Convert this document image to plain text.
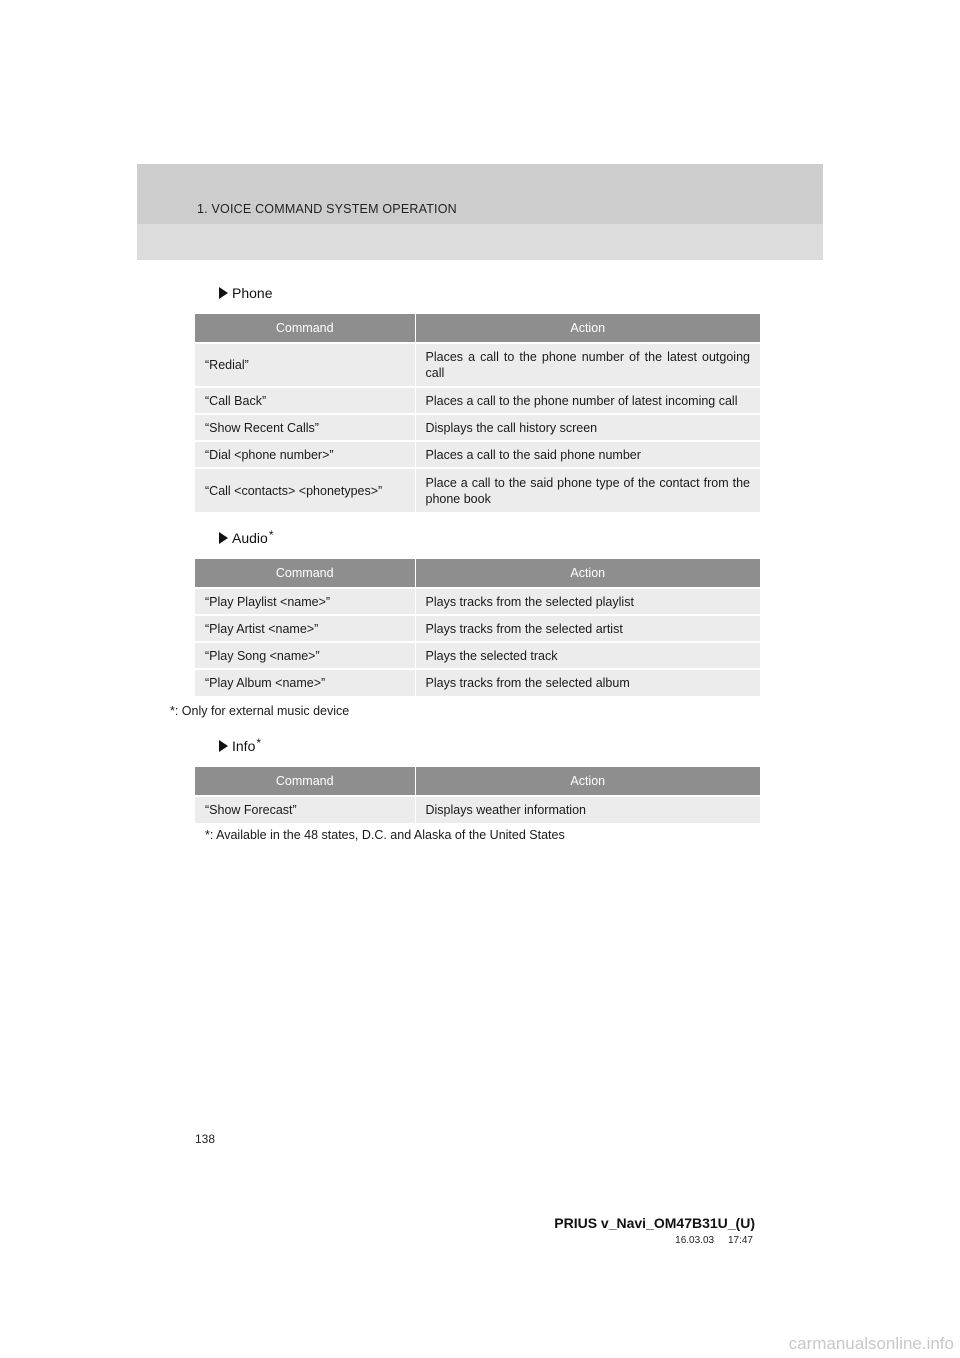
1. VOICE COMMAND SYSTEM OPERATION
Phone
Command	Action
“Redial”	Places a call to the phone number of the latest outgoing call
“Call Back”	Places a call to the phone number of latest incoming call
“Show Recent Calls”	Displays the call history screen
“Dial <phone number>”	Places a call to the said phone number
“Call <contacts> <phonetypes>”	Place a call to the said phone type of the contact from the phone book
Audio *
Command	Action
“Play Playlist <name>”	Plays tracks from the selected playlist
“Play Artist <name>”	Plays tracks from the selected artist
“Play Song <name>”	Plays the selected track
“Play Album <name>”	Plays tracks from the selected album
*: Only for external music device
Info *
Command	Action
“Show Forecast”	Displays weather information
*: Available in the 48 states, D.C. and Alaska of the United States
138
PRIUS v_Navi_OM47B31U_(U)
16.03.03     17:47
carmanualsonline.info
